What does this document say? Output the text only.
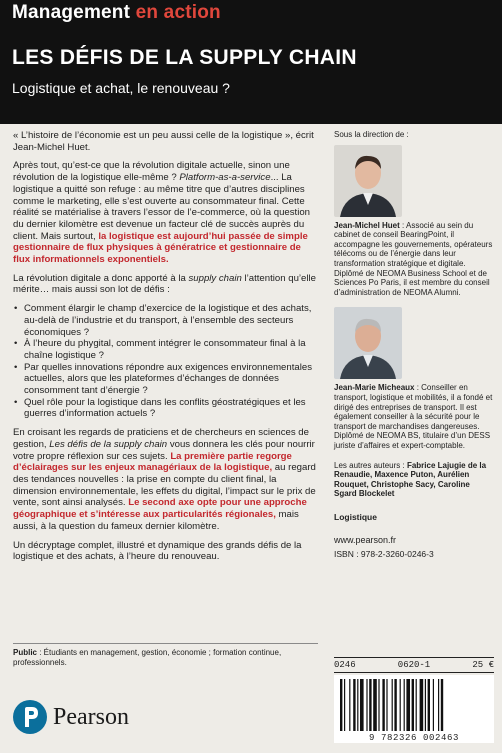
Management en action
LES DÉFIS DE LA SUPPLY CHAIN
Logistique et achat, le renouveau ?

« L’histoire de l’économie est un peu aussi celle de la logistique », écrit Jean-Michel Huet.

Après tout, qu’est-ce que la révolution digitale actuelle, sinon une révolution de la logistique elle-même ? Platform-as-a-service... La logistique a quitté son refuge : au même titre que d’autres disciplines comme le marketing, elle s’est ouverte au consommateur final. Cette réalité se matérialise à travers l’essor de l’e-commerce, où la question du dernier kilomètre est devenue un facteur clé de succès auprès du client. Mais surtout, la logistique est aujourd’hui passée de simple gestionnaire de flux physiques à génératrice et gestionnaire de flux informationnels exponentiels.

La révolution digitale a donc apporté à la supply chain l’attention qu’elle mérite… mais aussi son lot de défis :

• Comment élargir le champ d’exercice de la logistique et des achats, au-delà de l’industrie et du transport, à l’ensemble des secteurs économiques ?
• À l’heure du phygital, comment intégrer le consommateur final à la chaîne logistique ?
• Par quelles innovations répondre aux exigences environnementales actuelles, alors que les plateformes d’échanges de données consomment tant d’énergie ?
• Quel rôle pour la logistique dans les conflits géostratégiques et les guerres d’information actuels ?

En croisant les regards de praticiens et de chercheurs en sciences de gestion, Les défis de la supply chain vous donnera les clés pour nourrir votre propre réflexion sur ces sujets. La première partie regorge d’éclairages sur les enjeux managériaux de la logistique, au regard des tendances nouvelles : la prise en compte du client final, la dimension environnementale, les effets du digital, l’impact sur le prix de vente, sont ainsi analysés. Le second axe opte pour une approche géographique et s’intéresse aux particularités régionales, mais aussi, à la question du fameux dernier kilomètre.

Un décryptage complet, illustré et dynamique des grands défis de la logistique et des achats, à l’heure du renouveau.

Sous la direction de :
Jean-Michel Huet : Associé au sein du cabinet de conseil BearingPoint, il accompagne les gouvernements, opérateurs télécoms ou de l’énergie dans leur transformation stratégique et digitale. Diplômé de NEOMA Business School et de Sciences Po Paris, il est membre du conseil d’administration de NEOMA Alumni.
Jean-Marie Micheaux : Conseiller en transport, logistique et mobilités, il a fondé et dirigé des entreprises de transport. Il est également conseiller à la sécurité pour le transport de marchandises dangereuses. Diplômé de NEOMA BS, titulaire d’un DESS juriste d’affaires et expert-comptable.
Les autres auteurs : Fabrice Lajugie de la Renaudie, Maxence Puton, Aurélien Rouquet, Christophe Sacy, Caroline Sgard Blockelet
Logistique
www.pearson.fr
ISBN : 978-2-3260-0246-3
Public : Étudiants en management, gestion, économie ; formation continue, professionnels.
Pearson
0246	0620-1	25 €
9 782326 002463
